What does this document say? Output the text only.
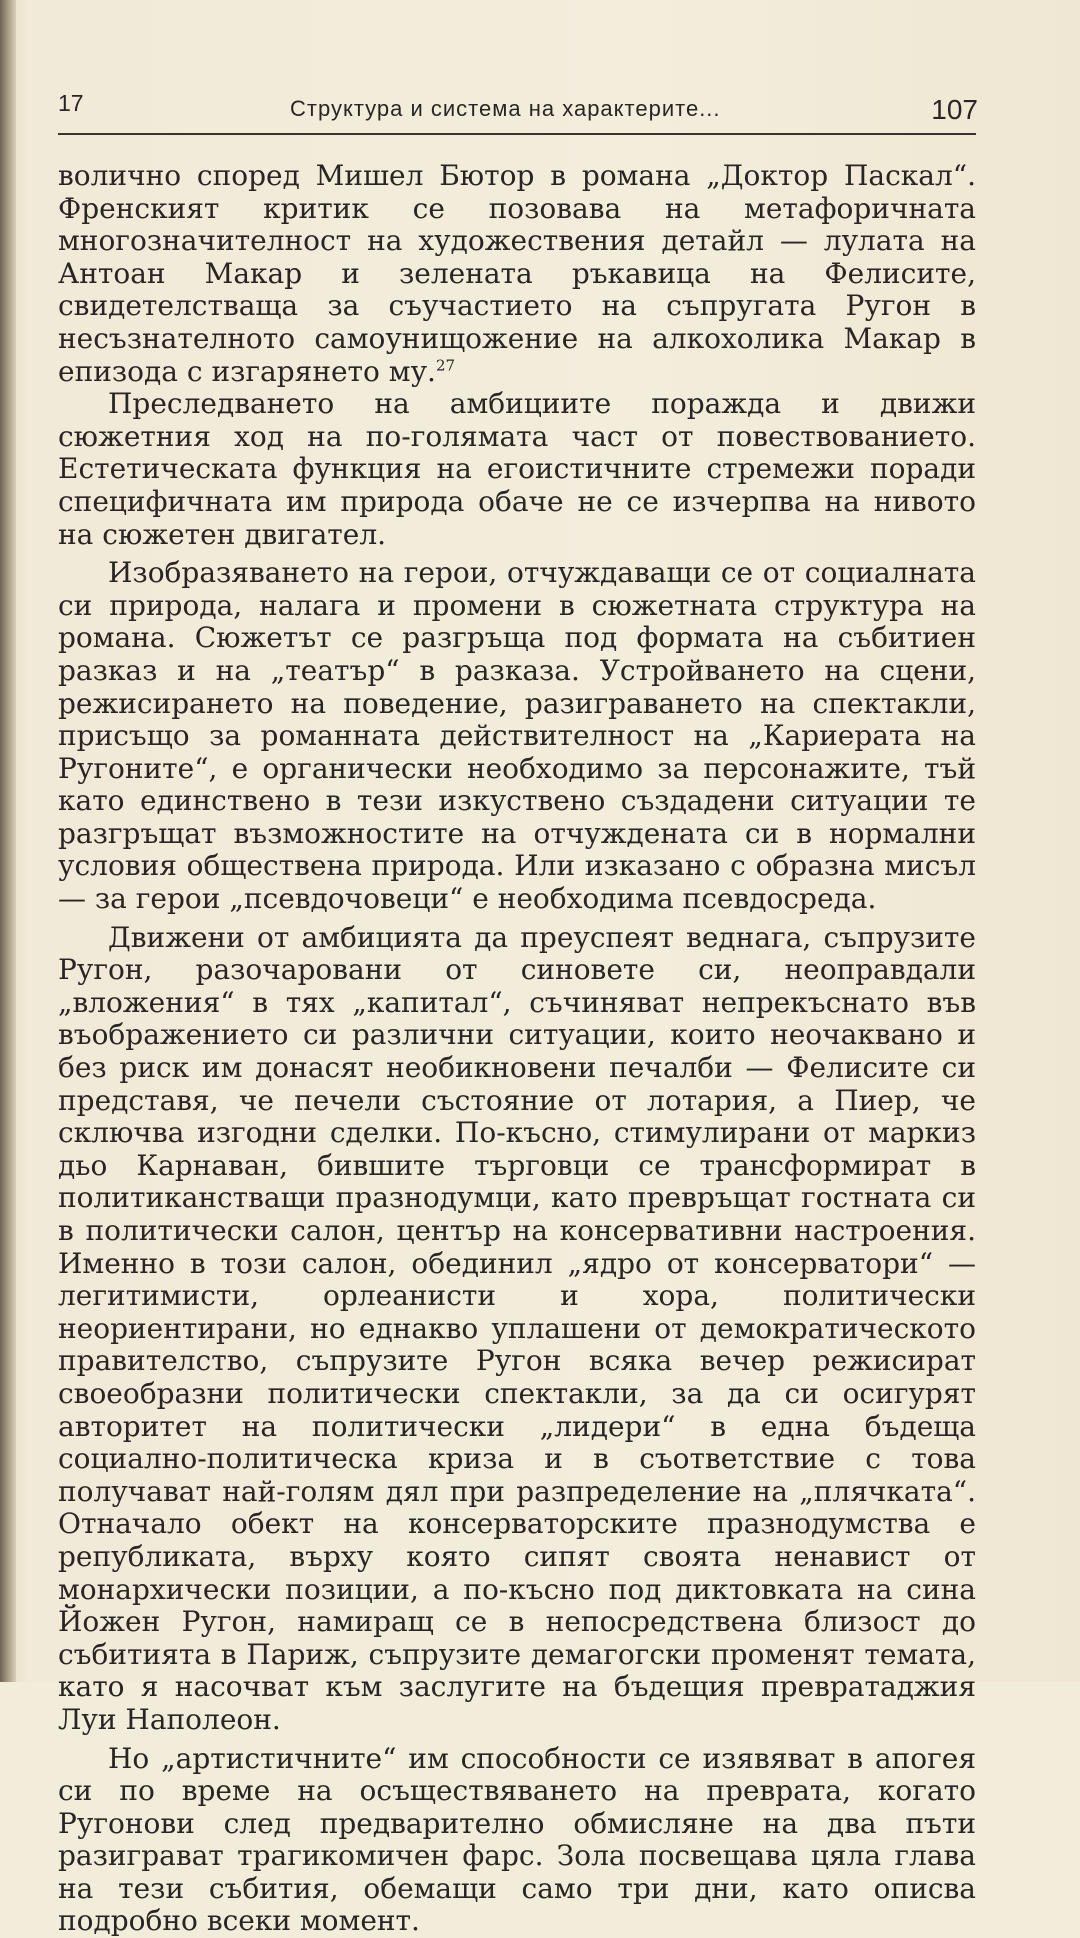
17	Структура и система на характерите...	107

волично според Мишел Бютор в романа „Доктор Паскал“. Френският критик се позовава на метафоричната многозначителност на художествения детайл — лулата на Антоан Макар и зелената ръкавица на Фелисите, свидетелстваща за съучастието на съпругата Ругон в несъзнателното самоунищожение на алкохолика Макар в епизода с изгарянето му.$^{27}$

Преследването на амбициите поражда и движи сюжетния ход на по-голямата част от повествованието. Естетическата функция на егоистичните стремежи поради специфичната им природа обаче не се изчерпва на нивото на сюжетен двигател.

Изобразяването на герои, отчуждаващи се от социалната си природа, налага и промени в сюжетната структура на романа. Сюжетът се разгръща под формата на събитиен разказ и на „театър“ в разказа. Устройването на сцени, режисирането на поведение, разиграването на спектакли, присъщо за романната действителност на „Кариерата на Ругоните“, е органически необходимо за персонажите, тъй като единствено в тези изкуствено създадени ситуации те разгръщат възможностите на отчуждената си в нормални условия обществена природа. Или изказано с образна мисъл — за герои „псевдочовеци“ е необходима псевдосреда.

Движени от амбицията да преуспеят веднага, съпрузите Ругон, разочаровани от синовете си, неоправдали „вложения“ в тях „капитал“, съчиняват непрекъснато във въображението си различни ситуации, които неочаквано и без риск им донасят необикновени печалби — Фелисите си представя, че печели състояние от лотария, а Пиер, че сключва изгодни сделки. По-късно, стимулирани от маркиз дьо Карнаван, бившите търговци се трансформират в политиканстващи празнодумци, като превръщат гостната си в политически салон, център на консервативни настроения. Именно в този салон, обединил „ядро от консерватори“ — легитимисти, орлеанисти и хора, политически неориентирани, но еднакво уплашени от демократическото правителство, съпрузите Ругон всяка вечер режисират своеобразни политически спектакли, за да си осигурят авторитет на политически „лидери“ в една бъдеща социално-политическа криза и в съответствие с това получават най-голям дял при разпределение на „плячката“. Отначало обект на консерваторските празнодумства е републиката, върху която сипят своята ненавист от монархически позиции, а по-късно под диктовката на сина Йожен Ругон, намиращ се в непосредствена близост до събитията в Париж, съпрузите демагогски променят темата, като я насочват към заслугите на бъдещия превратаджия Луи Наполеон.

Но „артистичните“ им способности се изявяват в апогея си по време на осъществяването на преврата, когато Ругонови след предварително обмисляне на два пъти разиграват трагикомичен фарс. Зола посвещава цяла глава на тези събития, обемащи само три дни, като описва подробно всеки момент.
